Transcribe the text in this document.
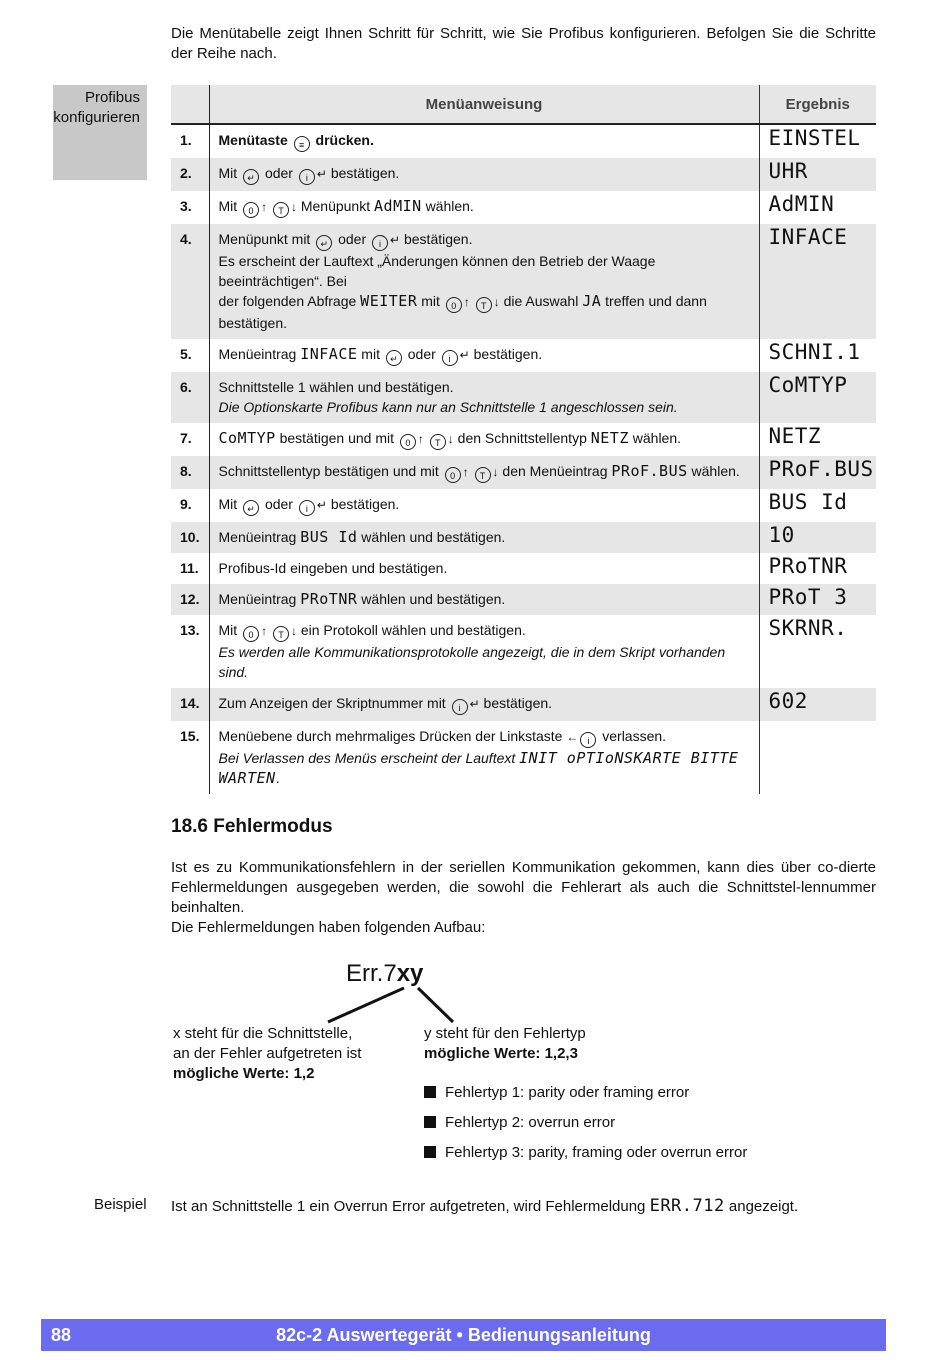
Die Menütabelle zeigt Ihnen Schritt für Schritt, wie Sie Profibus konfigurieren. Befolgen Sie die Schritte der Reihe nach.
Profibus
konfigurieren
	Menüanweisung	Ergebnis
1.	Menütaste ≡ drücken.	EINSTEL
2.	Mit ↵ oder i ↵ bestätigen.	UHR
3.	Mit 0 ↑ T ↓ Menüpunkt AdMIN wählen.	AdMIN
4.	Menüpunkt mit ↵ oder i ↵ bestätigen.
Es erscheint der Lauftext „Änderungen können den Betrieb der Waage beeinträchtigen“. Bei
der folgenden Abfrage WEITER mit 0 ↑ T ↓ die Auswahl JA treffen und dann bestätigen.	INFACE
5.	Menüeintrag INFACE mit ↵ oder i ↵ bestätigen.	SCHNI.1
6.	Schnittstelle 1 wählen und bestätigen.
Die Optionskarte Profibus kann nur an Schnittstelle 1 angeschlossen sein.	CoMTYP
7.	CoMTYP bestätigen und mit 0 ↑ T ↓ den Schnittstellentyp NETZ wählen.	NETZ
8.	Schnittstellentyp bestätigen und mit 0 ↑ T ↓ den Menüeintrag PRoF.BUS wählen.	PRoF.BUS
9.	Mit ↵ oder i ↵ bestätigen.	BUS Id
10.	Menüeintrag BUS Id wählen und bestätigen.	10
11.	Profibus-Id eingeben und bestätigen.	PRoTNR
12.	Menüeintrag PRoTNR wählen und bestätigen.	PRoT 3
13.	Mit 0 ↑ T ↓ ein Protokoll wählen und bestätigen.
Es werden alle Kommunikationsprotokolle angezeigt, die in dem Skript vorhanden sind.	SKRNR.
14.	Zum Anzeigen der Skriptnummer mit i ↵ bestätigen.	602
15.	Menüebene durch mehrmaliges Drücken der Linkstaste ← i verlassen.
Bei Verlassen des Menüs erscheint der Lauftext INIT oPTIoNSKARTE BITTE
WARTEN.	
18.6 Fehlermodus
Ist es zu Kommunikationsfehlern in der seriellen Kommunikation gekommen, kann dies über co-dierte Fehlermeldungen ausgegeben werden, die sowohl die Fehlerart als auch die Schnittstel-lennummer beinhalten.
Die Fehlermeldungen haben folgenden Aufbau:
Err.7xy
x steht für die Schnittstelle,
an der Fehler aufgetreten ist
mögliche Werte: 1,2
y steht für den Fehlertyp
mögliche Werte: 1,2,3
Fehlertyp 1: parity oder framing error
Fehlertyp 2: overrun error
Fehlertyp 3: parity, framing oder overrun error
Beispiel Ist an Schnittstelle 1 ein Overrun Error aufgetreten, wird Fehlermeldung ERR.712 angezeigt.
82c-2 Auswertegerät • Bedienungsanleitung
88
